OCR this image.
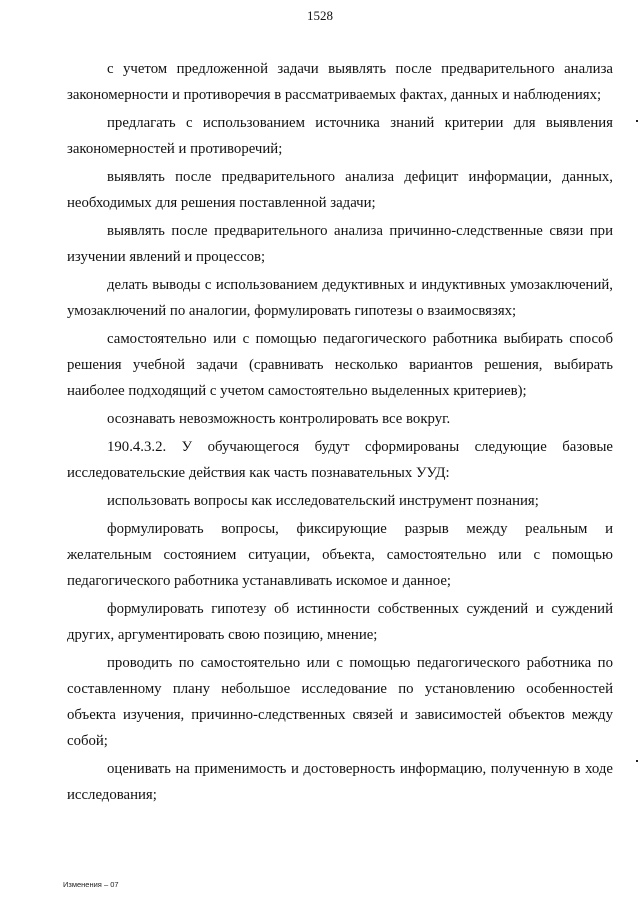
1528

с учетом предложенной задачи выявлять после предварительного анализа закономерности и противоречия в рассматриваемых фактах, данных и наблюдениях;

предлагать с использованием источника знаний критерии для выявления закономерностей и противоречий;

выявлять после предварительного анализа дефицит информации, данных, необходимых для решения поставленной задачи;

выявлять после предварительного анализа причинно-следственные связи при изучении явлений и процессов;

делать выводы с использованием дедуктивных и индуктивных умозаключений, умозаключений по аналогии, формулировать гипотезы о взаимосвязях;

самостоятельно или с помощью педагогического работника выбирать способ решения учебной задачи (сравнивать несколько вариантов решения, выбирать наиболее подходящий с учетом самостоятельно выделенных критериев);

осознавать невозможность контролировать все вокруг.

190.4.3.2. У обучающегося будут сформированы следующие базовые исследовательские действия как часть познавательных УУД:

использовать вопросы как исследовательский инструмент познания;

формулировать вопросы, фиксирующие разрыв между реальным и желательным состоянием ситуации, объекта, самостоятельно или с помощью педагогического работника устанавливать искомое и данное;

формулировать гипотезу об истинности собственных суждений и суждений других, аргументировать свою позицию, мнение;

проводить по самостоятельно или с помощью педагогического работника по составленному плану небольшое исследование по установлению особенностей объекта изучения, причинно-следственных связей и зависимостей объектов между собой;

оценивать на применимость и достоверность информацию, полученную в ходе исследования;

Изменения – 07
